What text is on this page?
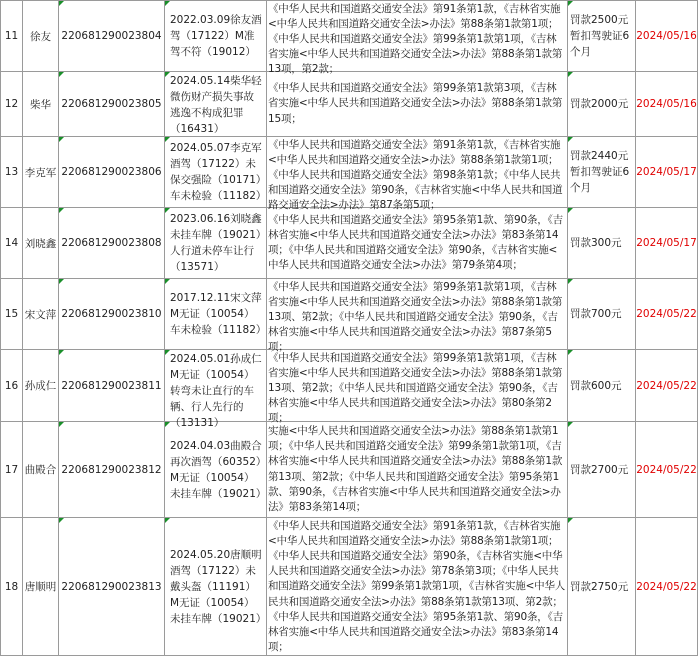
11	徐友	220681290023804	2022.03.09徐友酒驾（17122）M准驾不符（19012）	《中华人民共和国道路交通安全法》第91条第1款，《吉林省实施<中华人民共和国道路交通安全法>办法》第88条第1款第1项；《中华人民共和国道路交通安全法》第99条第1款第1项，《吉林省实施<中华人民共和国道路交通安全法>办法》第88条第1款第13项，第2款；	罚款2500元暂扣驾驶证6个月	2024/05/16

12	柴华	220681290023805	2024.05.14柴华轻微伤财产损失事故逃逸不构成犯罪（16431）	《中华人民共和国道路交通安全法》第99条第1款第3项，《吉林省实施<中华人民共和国道路交通安全法>办法》第88条第1款第15项；	罚款2000元	2024/05/16

13	李克军	220681290023806	2024.05.07李克军酒驾（17122）未保交强险（10171）车未检验（11182）	《中华人民共和国道路交通安全法》第91条第1款，《吉林省实施<中华人民共和国道路交通安全法>办法》第88条第1款第1项；《中华人民共和国道路交通安全法》第98条第1款；《中华人民共和国道路交通安全法》第90条，《吉林省实施<中华人民共和国道路交通安全法>办法》第87条第5项；	罚款2440元暂扣驾驶证6个月	2024/05/17

14	刘晓鑫	220681290023808	2023.06.16刘晓鑫未挂车牌（19021）人行道未停车让行（13571）	《中华人民共和国道路交通安全法》第95条第1款、第90条，《吉林省实施<中华人民共和国道路交通安全法>办法》第83条第14项；《中华人民共和国道路交通安全法》第90条，《吉林省实施<中华人民共和国道路交通安全法>办法》第79条第4项；	罚款300元	2024/05/17

15	宋文萍	220681290023810	2017.12.11宋文萍M无证（10054）车未检验（11182）	《中华人民共和国道路交通安全法》第99条第1款第1项，《吉林省实施<中华人民共和国道路交通安全法>办法》第88条第1款第13项、第2款；《中华人民共和国道路交通安全法》第90条，《吉林省实施<中华人民共和国道路交通安全法>办法》第87条第5项；	罚款700元	2024/05/22

16	孙成仁	220681290023811	2024.05.01孙成仁M无证（10054）转弯未让直行的车辆、行人先行的（13131）	《中华人民共和国道路交通安全法》第99条第1款第1项，《吉林省实施<中华人民共和国道路交通安全法>办法》第88条第1款第13项、第2款；《中华人民共和国道路交通安全法》第90条，《吉林省实施<中华人民共和国道路交通安全法>办法》第80条第2项；	罚款600元	2024/05/22

17	曲殿合	220681290023812	2024.04.03曲殿合再次酒驾（60352）M无证（10054）未挂车牌（19021）	实施<中华人民共和国道路交通安全法>办法》第88条第1款第1项；《中华人民共和国道路交通安全法》第99条第1款第1项，《吉林省实施<中华人民共和国道路交通安全法>办法》第88条第1款第13项、第2款；《中华人民共和国道路交通安全法》第95条第1款、第90条，《吉林省实施<中华人民共和国道路交通安全法>办法》第83条第14项；	罚款2700元	2024/05/22

18	唐顺明	220681290023813	2024.05.20唐顺明酒驾（17122）未戴头盔（11191）M无证（10054）未挂车牌（19021）	《中华人民共和国道路交通安全法》第91条第1款，《吉林省实施<中华人民共和国道路交通安全法>办法》第88条第1款第1项；《中华人民共和国道路交通安全法》第90条，《吉林省实施<中华人民共和国道路交通安全法>办法》第78条第3项；《中华人民共和国道路交通安全法》第99条第1款第1项，《吉林省实施<中华人民共和国道路交通安全法>办法》第88条第1款第13项、第2款；《中华人民共和国道路交通安全法》第95条第1款、第90条，《吉林省实施<中华人民共和国道路交通安全法>办法》第83条第14项；	罚款2750元	2024/05/22
